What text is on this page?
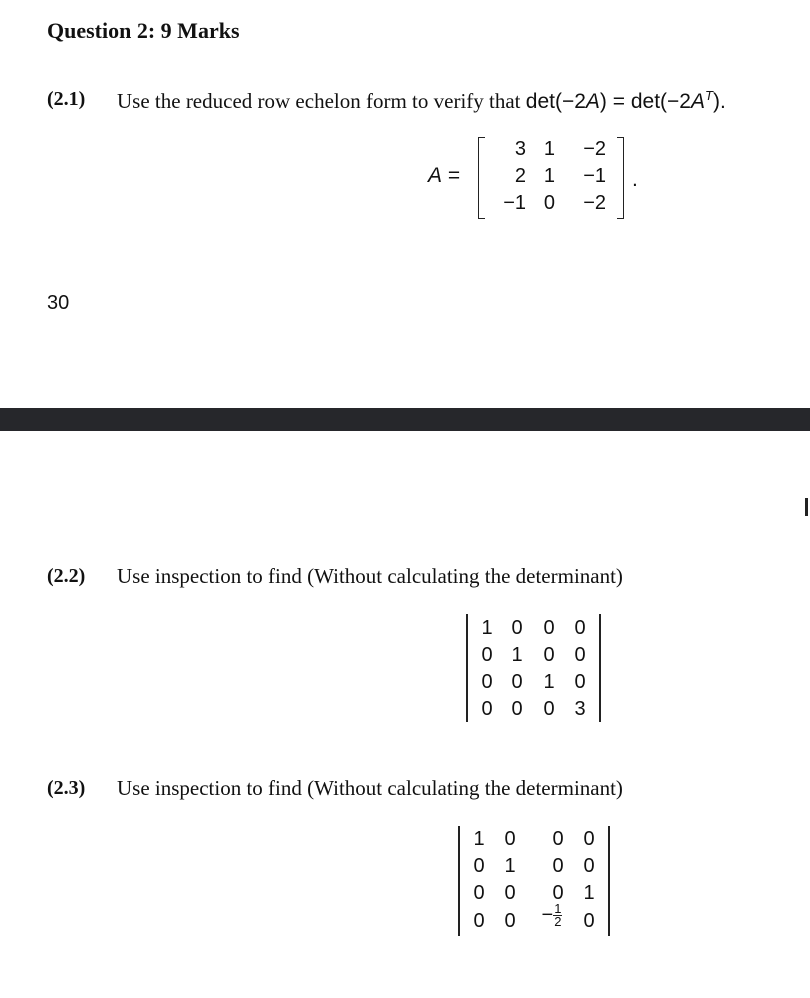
Question 2: 9 Marks
(2.1) Use the reduced row echelon form to verify that $\det(-2A) = \det(-2A^T)$.
A =
3 1	−2
2 1	−1
−1 0	−2
.
30
(2.2) Use inspection to find (Without calculating the determinant)
1 0	0 0
0 1	0 0
0 0	1 0
0 0	0 3
(2.3) Use inspection to find (Without calculating the determinant)
1 0	0 0
0 1	0 0
0 0	0 1
0 0	− $\frac{1}{2}$	0
